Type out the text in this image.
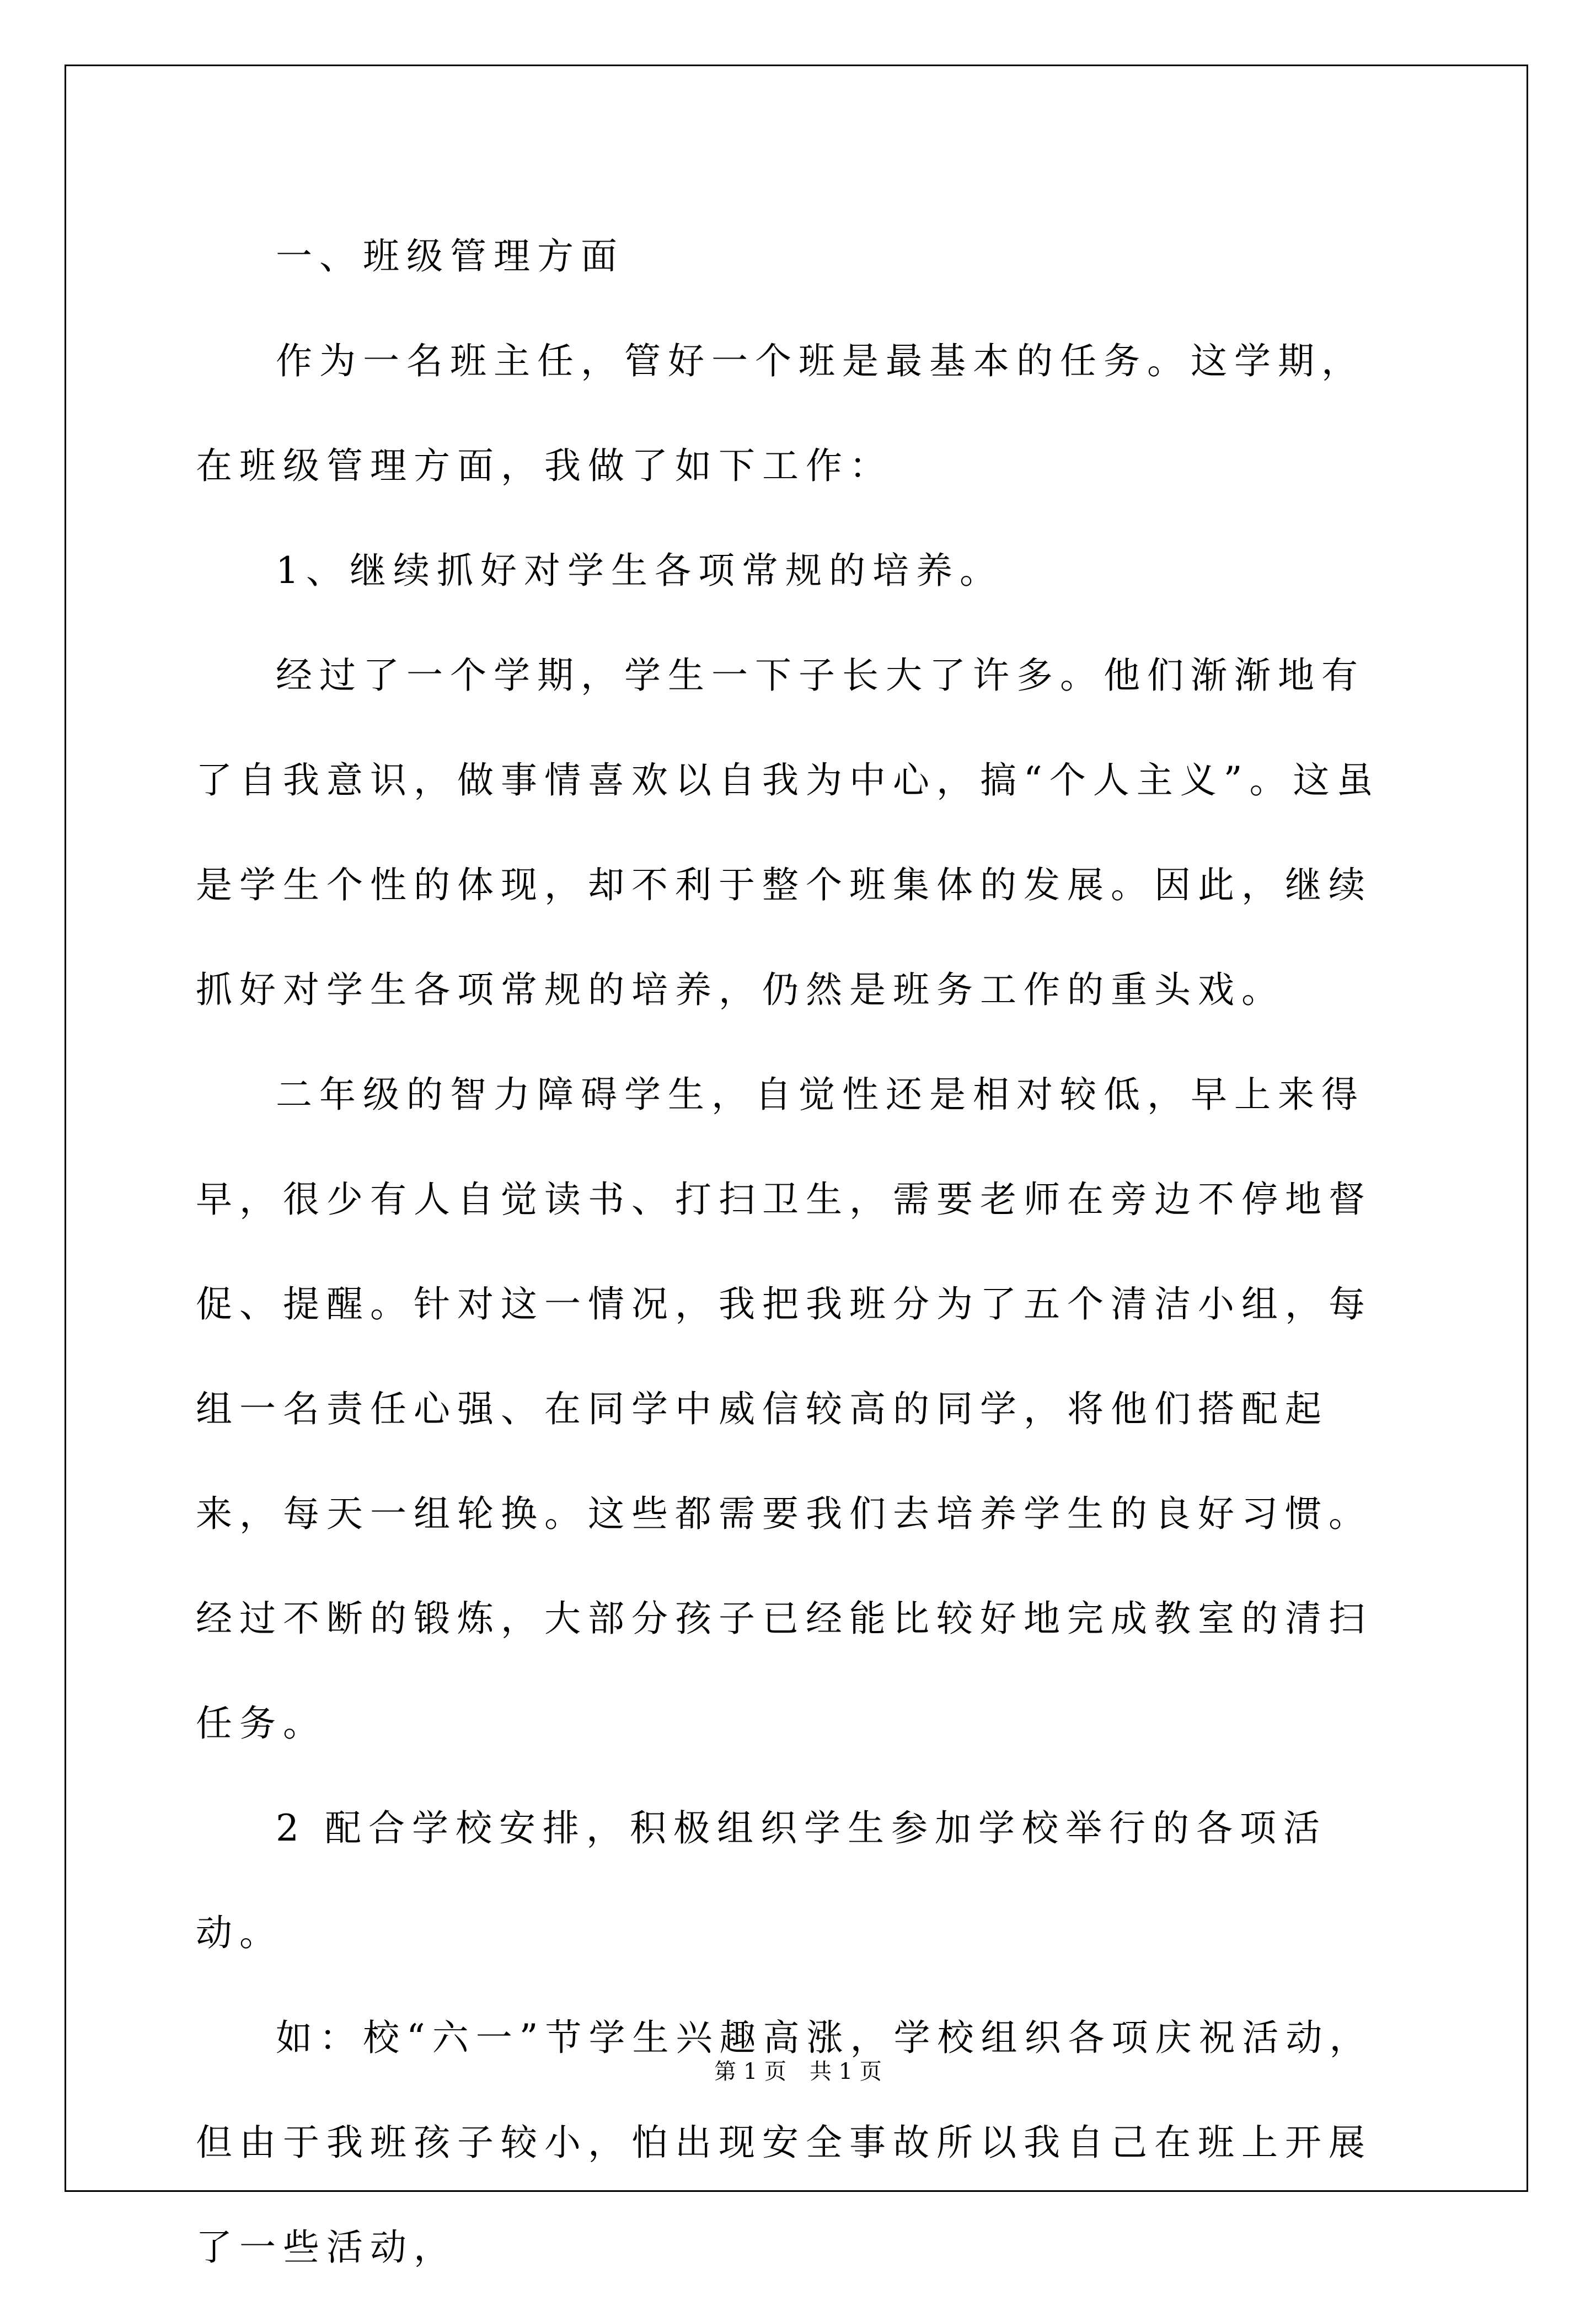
一、班级管理方面

作为一名班主任，管好一个班是最基本的任务。这学期，在班级管理方面，我做了如下工作：

1、继续抓好对学生各项常规的培养。

经过了一个学期，学生一下子长大了许多。他们渐渐地有了自我意识，做事情喜欢以自我为中心，搞“个人主义”。这虽是学生个性的体现，却不利于整个班集体的发展。因此，继续抓好对学生各项常规的培养，仍然是班务工作的重头戏。

二年级的智力障碍学生，自觉性还是相对较低，早上来得早，很少有人自觉读书、打扫卫生，需要老师在旁边不停地督促、提醒。针对这一情况，我把我班分为了五个清洁小组，每组一名责任心强、在同学中威信较高的同学，将他们搭配起来，每天一组轮换。这些都需要我们去培养学生的良好习惯。经过不断的锻炼，大部分孩子已经能比较好地完成教室的清扫任务。

2 配合学校安排，积极组织学生参加学校举行的各项活动。

如：校“六一”节学生兴趣高涨，学校组织各项庆祝活动，但由于我班孩子较小，怕出现安全事故所以我自己在班上开展了一些活动，

第 1 页 共 1 页
